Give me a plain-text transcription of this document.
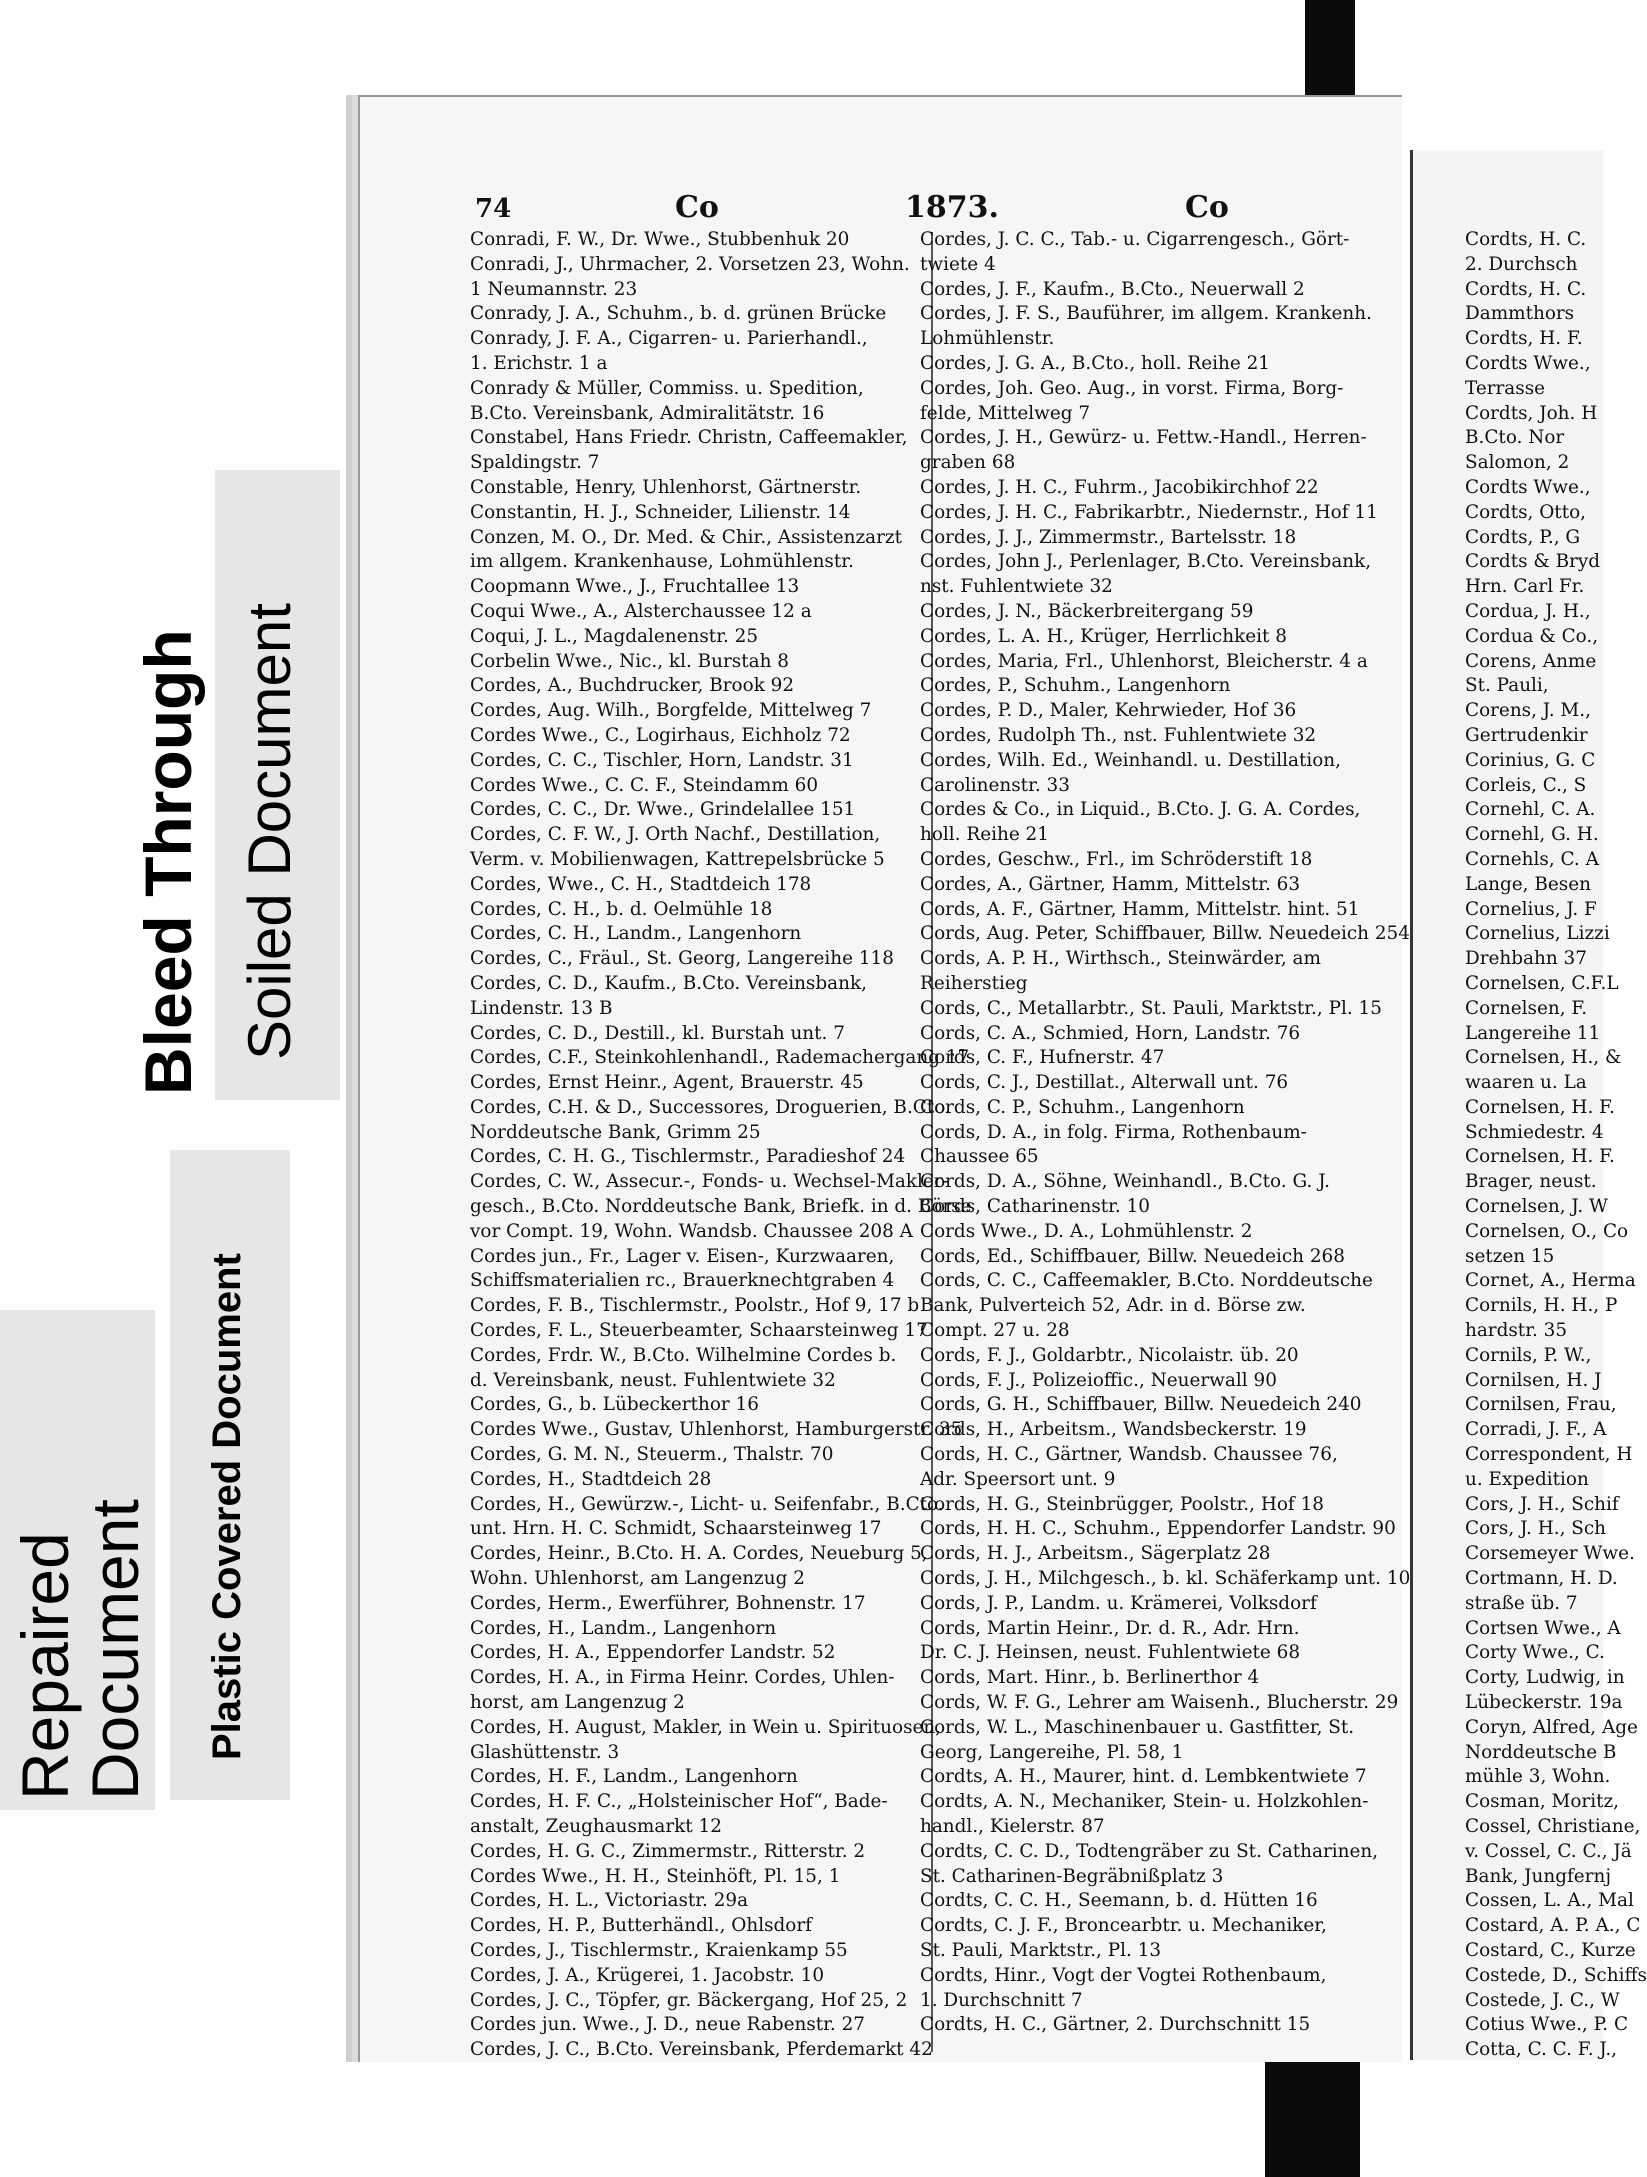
Repaired
Document Plastic Covered Document
Bleed Through Soiled Document
74	Co	1873.	Co
Conradi, F. W., Dr. Wwe., Stubbenhuk 20
Conradi, J., Uhrmacher, 2. Vorsetzen 23, Wohn.
1 Neumannstr. 23
Conrady, J. A., Schuhm., b. d. grünen Brücke
Conrady, J. F. A., Cigarren- u. Parierhandl.,
1. Erichstr. 1 a
Conrady & Müller, Commiss. u. Spedition,
B.Cto. Vereinsbank, Admiralitätstr. 16
Constabel, Hans Friedr. Christn, Caffeemakler,
Spaldingstr. 7
Constable, Henry, Uhlenhorst, Gärtnerstr.
Constantin, H. J., Schneider, Lilienstr. 14
Conzen, M. O., Dr. Med. & Chir., Assistenzarzt
im allgem. Krankenhause, Lohmühlenstr.
Coopmann Wwe., J., Fruchtallee 13
Coqui Wwe., A., Alsterchaussee 12 a
Coqui, J. L., Magdalenenstr. 25
Corbelin Wwe., Nic., kl. Burstah 8
Cordes, A., Buchdrucker, Brook 92
Cordes, Aug. Wilh., Borgfelde, Mittelweg 7
Cordes Wwe., C., Logirhaus, Eichholz 72
Cordes, C. C., Tischler, Horn, Landstr. 31
Cordes Wwe., C. C. F., Steindamm 60
Cordes, C. C., Dr. Wwe., Grindelallee 151
Cordes, C. F. W., J. Orth Nachf., Destillation,
Verm. v. Mobilienwagen, Kattrepelsbrücke 5
Cordes, Wwe., C. H., Stadtdeich 178
Cordes, C. H., b. d. Oelmühle 18
Cordes, C. H., Landm., Langenhorn
Cordes, C., Fräul., St. Georg, Langereihe 118
Cordes, C. D., Kaufm., B.Cto. Vereinsbank,
Lindenstr. 13 B
Cordes, C. D., Destill., kl. Burstah unt. 7
Cordes, C.F., Steinkohlenhandl., Rademachergang 17
Cordes, Ernst Heinr., Agent, Brauerstr. 45
Cordes, C.H. & D., Successores, Droguerien, B.Cto.
Norddeutsche Bank, Grimm 25
Cordes, C. H. G., Tischlermstr., Paradieshof 24
Cordes, C. W., Assecur.-, Fonds- u. Wechsel-Makler-
gesch., B.Cto. Norddeutsche Bank, Briefk. in d. Börse
vor Compt. 19, Wohn. Wandsb. Chaussee 208 A
Cordes jun., Fr., Lager v. Eisen-, Kurzwaaren,
Schiffsmaterialien rc., Brauerknechtgraben 4
Cordes, F. B., Tischlermstr., Poolstr., Hof 9, 17 b
Cordes, F. L., Steuerbeamter, Schaarsteinweg 17
Cordes, Frdr. W., B.Cto. Wilhelmine Cordes b.
d. Vereinsbank, neust. Fuhlentwiete 32
Cordes, G., b. Lübeckerthor 16
Cordes Wwe., Gustav, Uhlenhorst, Hamburgerstr. 35
Cordes, G. M. N., Steuerm., Thalstr. 70
Cordes, H., Stadtdeich 28
Cordes, H., Gewürzw.-, Licht- u. Seifenfabr., B.Cto.
unt. Hrn. H. C. Schmidt, Schaarsteinweg 17
Cordes, Heinr., B.Cto. H. A. Cordes, Neueburg 5,
Wohn. Uhlenhorst, am Langenzug 2
Cordes, Herm., Ewerführer, Bohnenstr. 17
Cordes, H., Landm., Langenhorn
Cordes, H. A., Eppendorfer Landstr. 52
Cordes, H. A., in Firma Heinr. Cordes, Uhlen-
horst, am Langenzug 2
Cordes, H. August, Makler, in Wein u. Spirituosen,
Glashüttenstr. 3
Cordes, H. F., Landm., Langenhorn
Cordes, H. F. C., „Holsteinischer Hof“, Bade-
anstalt, Zeughausmarkt 12
Cordes, H. G. C., Zimmermstr., Ritterstr. 2
Cordes Wwe., H. H., Steinhöft, Pl. 15, 1
Cordes, H. L., Victoriastr. 29a
Cordes, H. P., Butterhändl., Ohlsdorf
Cordes, J., Tischlermstr., Kraienkamp 55
Cordes, J. A., Krügerei, 1. Jacobstr. 10
Cordes, J. C., Töpfer, gr. Bäckergang, Hof 25, 2
Cordes jun. Wwe., J. D., neue Rabenstr. 27
Cordes, J. C., B.Cto. Vereinsbank, Pferdemarkt 42
Cordes, J. C. C., Tab.- u. Cigarrengesch., Gört-
twiete 4
Cordes, J. F., Kaufm., B.Cto., Neuerwall 2
Cordes, J. F. S., Bauführer, im allgem. Krankenh.
Lohmühlenstr.
Cordes, J. G. A., B.Cto., holl. Reihe 21
Cordes, Joh. Geo. Aug., in vorst. Firma, Borg-
felde, Mittelweg 7
Cordes, J. H., Gewürz- u. Fettw.-Handl., Herren-
graben 68
Cordes, J. H. C., Fuhrm., Jacobikirchhof 22
Cordes, J. H. C., Fabrikarbtr., Niedernstr., Hof 11
Cordes, J. J., Zimmermstr., Bartelsstr. 18
Cordes, John J., Perlenlager, B.Cto. Vereinsbank,
nst. Fuhlentwiete 32
Cordes, J. N., Bäckerbreitergang 59
Cordes, L. A. H., Krüger, Herrlichkeit 8
Cordes, Maria, Frl., Uhlenhorst, Bleicherstr. 4 a
Cordes, P., Schuhm., Langenhorn
Cordes, P. D., Maler, Kehrwieder, Hof 36
Cordes, Rudolph Th., nst. Fuhlentwiete 32
Cordes, Wilh. Ed., Weinhandl. u. Destillation,
Carolinenstr. 33
Cordes & Co., in Liquid., B.Cto. J. G. A. Cordes,
holl. Reihe 21
Cordes, Geschw., Frl., im Schröderstift 18
Cordes, A., Gärtner, Hamm, Mittelstr. 63
Cords, A. F., Gärtner, Hamm, Mittelstr. hint. 51
Cords, Aug. Peter, Schiffbauer, Billw. Neuedeich 254
Cords, A. P. H., Wirthsch., Steinwärder, am
Reiherstieg
Cords, C., Metallarbtr., St. Pauli, Marktstr., Pl. 15
Cords, C. A., Schmied, Horn, Landstr. 76
Cords, C. F., Hufnerstr. 47
Cords, C. J., Destillat., Alterwall unt. 76
Cords, C. P., Schuhm., Langenhorn
Cords, D. A., in folg. Firma, Rothenbaum-
Chaussee 65
Cords, D. A., Söhne, Weinhandl., B.Cto. G. J.
Cords, Catharinenstr. 10
Cords Wwe., D. A., Lohmühlenstr. 2
Cords, Ed., Schiffbauer, Billw. Neuedeich 268
Cords, C. C., Caffeemakler, B.Cto. Norddeutsche
Bank, Pulverteich 52, Adr. in d. Börse zw.
Compt. 27 u. 28
Cords, F. J., Goldarbtr., Nicolaistr. üb. 20
Cords, F. J., Polizeioffic., Neuerwall 90
Cords, G. H., Schiffbauer, Billw. Neuedeich 240
Cords, H., Arbeitsm., Wandsbeckerstr. 19
Cords, H. C., Gärtner, Wandsb. Chaussee 76,
Adr. Speersort unt. 9
Cords, H. G., Steinbrügger, Poolstr., Hof 18
Cords, H. H. C., Schuhm., Eppendorfer Landstr. 90
Cords, H. J., Arbeitsm., Sägerplatz 28
Cords, J. H., Milchgesch., b. kl. Schäferkamp unt. 10
Cords, J. P., Landm. u. Krämerei, Volksdorf
Cords, Martin Heinr., Dr. d. R., Adr. Hrn.
Dr. C. J. Heinsen, neust. Fuhlentwiete 68
Cords, Mart. Hinr., b. Berlinerthor 4
Cords, W. F. G., Lehrer am Waisenh., Blucherstr. 29
Cords, W. L., Maschinenbauer u. Gastfitter, St.
Georg, Langereihe, Pl. 58, 1
Cordts, A. H., Maurer, hint. d. Lembkentwiete 7
Cordts, A. N., Mechaniker, Stein- u. Holzkohlen-
handl., Kielerstr. 87
Cordts, C. C. D., Todtengräber zu St. Catharinen,
St. Catharinen-Begräbnißplatz 3
Cordts, C. C. H., Seemann, b. d. Hütten 16
Cordts, C. J. F., Broncearbtr. u. Mechaniker,
St. Pauli, Marktstr., Pl. 13
Cordts, Hinr., Vogt der Vogtei Rothenbaum,
1. Durchschnitt 7
Cordts, H. C., Gärtner, 2. Durchschnitt 15
Cordts, H. C.
2. Durchsch
Cordts, H. C.
Dammthors
Cordts, H. F.
Cordts Wwe.,
Terrasse
Cordts, Joh. H
B.Cto. Nor
Salomon, 2
Cordts Wwe.,
Cordts, Otto,
Cordts, P., G
Cordts & Bryd
Hrn. Carl Fr.
Cordua, J. H.,
Cordua & Co.,
Corens, Anme
St. Pauli,
Corens, J. M.,
Gertrudenkir
Corinius, G. C
Corleis, C., S
Cornehl, C. A.
Cornehl, G. H.
Cornehls, C. A
Lange, Besen
Cornelius, J. F
Cornelius, Lizzi
Drehbahn 37
Cornelsen, C.F.L
Cornelsen, F.
Langereihe 11
Cornelsen, H., &
waaren u. La
Cornelsen, H. F.
Schmiedestr. 4
Cornelsen, H. F.
Brager, neust.
Cornelsen, J. W
Cornelsen, O., Co
setzen 15
Cornet, A., Herma
Cornils, H. H., P
hardstr. 35
Cornils, P. W.,
Cornilsen, H. J
Cornilsen, Frau,
Corradi, J. F., A
Correspondent, H
u. Expedition
Cors, J. H., Schif
Cors, J. H., Sch
Corsemeyer Wwe.
Cortmann, H. D.
straße üb. 7
Cortsen Wwe., A
Corty Wwe., C.
Corty, Ludwig, in
Lübeckerstr. 19a
Coryn, Alfred, Age
Norddeutsche B
mühle 3, Wohn.
Cosman, Moritz,
Cossel, Christiane,
v. Cossel, C. C., Jä
Bank, Jungfernj
Cossen, L. A., Mal
Costard, A. P. A., C
Costard, C., Kurze
Costede, D., Schiffs
Costede, J. C., W
Cotius Wwe., P. C
Cotta, C. C. F. J.,
